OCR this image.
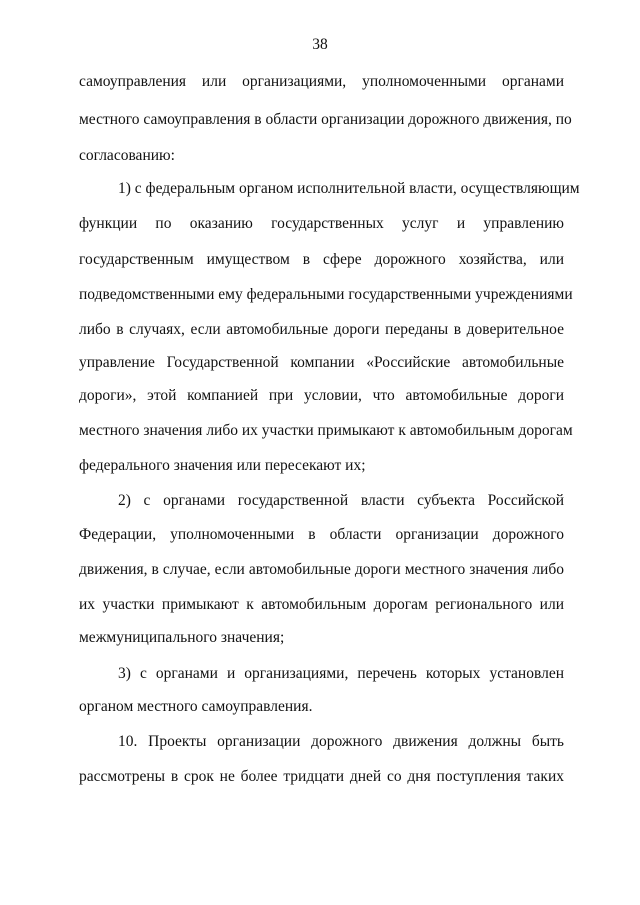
38
самоуправления или организациями, уполномоченными органами
местного самоуправления в области организации дорожного движения, по
согласованию:
1) с федеральным органом исполнительной власти, осуществляющим
функции по оказанию государственных услуг и управлению
государственным имуществом в сфере дорожного хозяйства, или
подведомственными ему федеральными государственными учреждениями
либо в случаях, если автомобильные дороги переданы в доверительное
управление Государственной компании «Российские автомобильные
дороги», этой компанией при условии, что автомобильные дороги
местного значения либо их участки примыкают к автомобильным дорогам
федерального значения или пересекают их;
2) с органами государственной власти субъекта Российской
Федерации, уполномоченными в области организации дорожного
движения, в случае, если автомобильные дороги местного значения либо
их участки примыкают к автомобильным дорогам регионального или
межмуниципального значения;
3) с органами и организациями, перечень которых установлен
органом местного самоуправления.
10. Проекты организации дорожного движения должны быть
рассмотрены в срок не более тридцати дней со дня поступления таких
